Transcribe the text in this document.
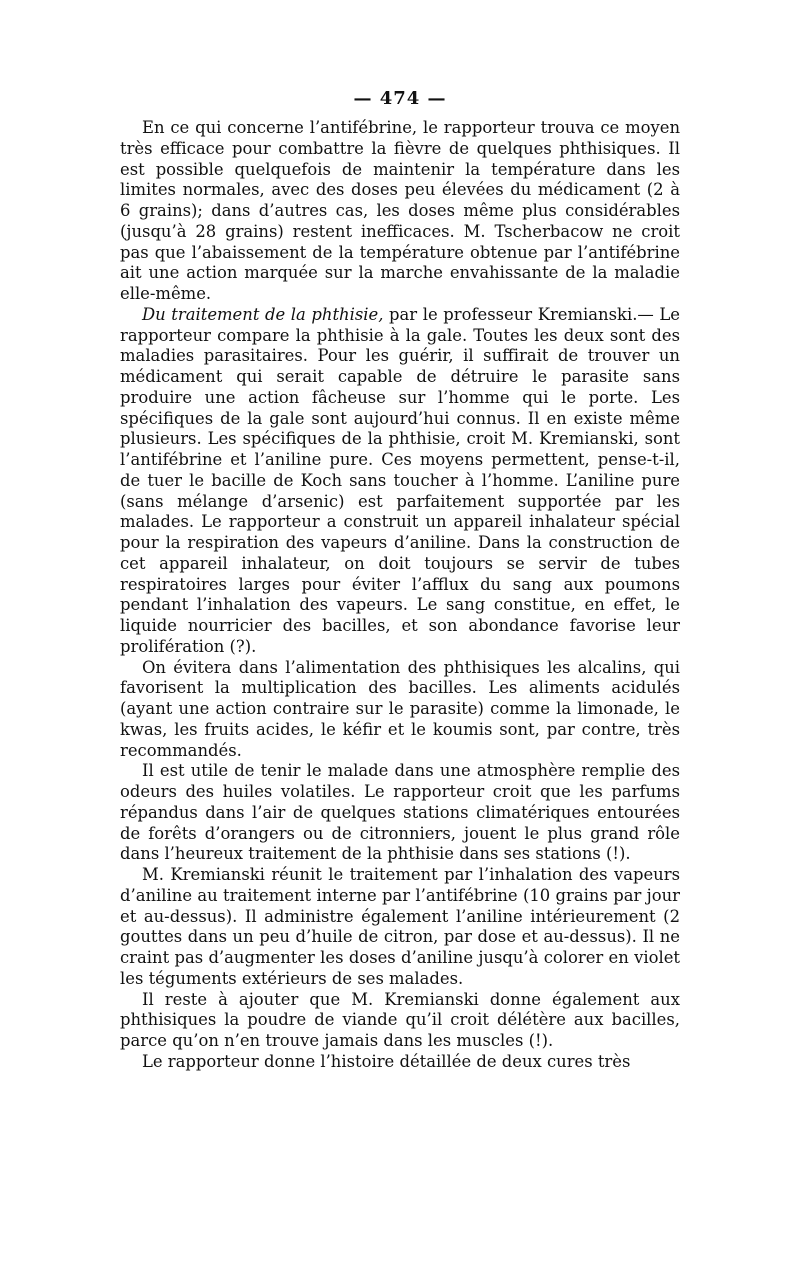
— 474 —

En ce qui concerne l’antifébrine, le rapporteur trouva ce moyen très efficace pour combattre la fièvre de quelques phthisiques. Il est possible quelquefois de maintenir la température dans les limites normales, avec des doses peu élevées du médicament (2 à 6 grains); dans d’autres cas, les doses même plus considérables (jusqu’à 28 grains) restent inefficaces. M. Tscherbacow ne croit pas que l’abaissement de la température obtenue par l’antifébrine ait une action marquée sur la marche envahissante de la maladie elle-même.

Du traitement de la phthisie, par le professeur Kremianski.— Le rapporteur compare la phthisie à la gale. Toutes les deux sont des maladies parasitaires. Pour les guérir, il suffirait de trouver un médicament qui serait capable de détruire le parasite sans produire une action fâcheuse sur l’homme qui le porte. Les spécifiques de la gale sont aujourd’hui connus. Il en existe même plusieurs. Les spécifiques de la phthisie, croit M. Kremianski, sont l’antifébrine et l’aniline pure. Ces moyens permettent, pense-t-il, de tuer le bacille de Koch sans toucher à l’homme. L’aniline pure (sans mélange d’arsenic) est parfaitement supportée par les malades. Le rapporteur a construit un appareil inhalateur spécial pour la respiration des vapeurs d’aniline. Dans la construction de cet appareil inhalateur, on doit toujours se servir de tubes respiratoires larges pour éviter l’afflux du sang aux poumons pendant l’inhalation des vapeurs. Le sang constitue, en effet, le liquide nourricier des bacilles, et son abondance favorise leur prolifération (?).

On évitera dans l’alimentation des phthisiques les alcalins, qui favorisent la multiplication des bacilles. Les aliments acidulés (ayant une action contraire sur le parasite) comme la limonade, le kwas, les fruits acides, le kéfir et le koumis sont, par contre, très recommandés.

Il est utile de tenir le malade dans une atmosphère remplie des odeurs des huiles volatiles. Le rapporteur croit que les parfums répandus dans l’air de quelques stations climatériques entourées de forêts d’orangers ou de citronniers, jouent le plus grand rôle dans l’heureux traitement de la phthisie dans ses stations (!).

M. Kremianski réunit le traitement par l’inhalation des vapeurs d’aniline au traitement interne par l’antifébrine (10 grains par jour et au-dessus). Il administre également l’aniline intérieurement (2 gouttes dans un peu d’huile de citron, par dose et au-dessus). Il ne craint pas d’augmenter les doses d’aniline jusqu’à colorer en violet les téguments extérieurs de ses malades.

Il reste à ajouter que M. Kremianski donne également aux phthisiques la poudre de viande qu’il croit délétère aux bacilles, parce qu’on n’en trouve jamais dans les muscles (!).

Le rapporteur donne l’histoire détaillée de deux cures très
